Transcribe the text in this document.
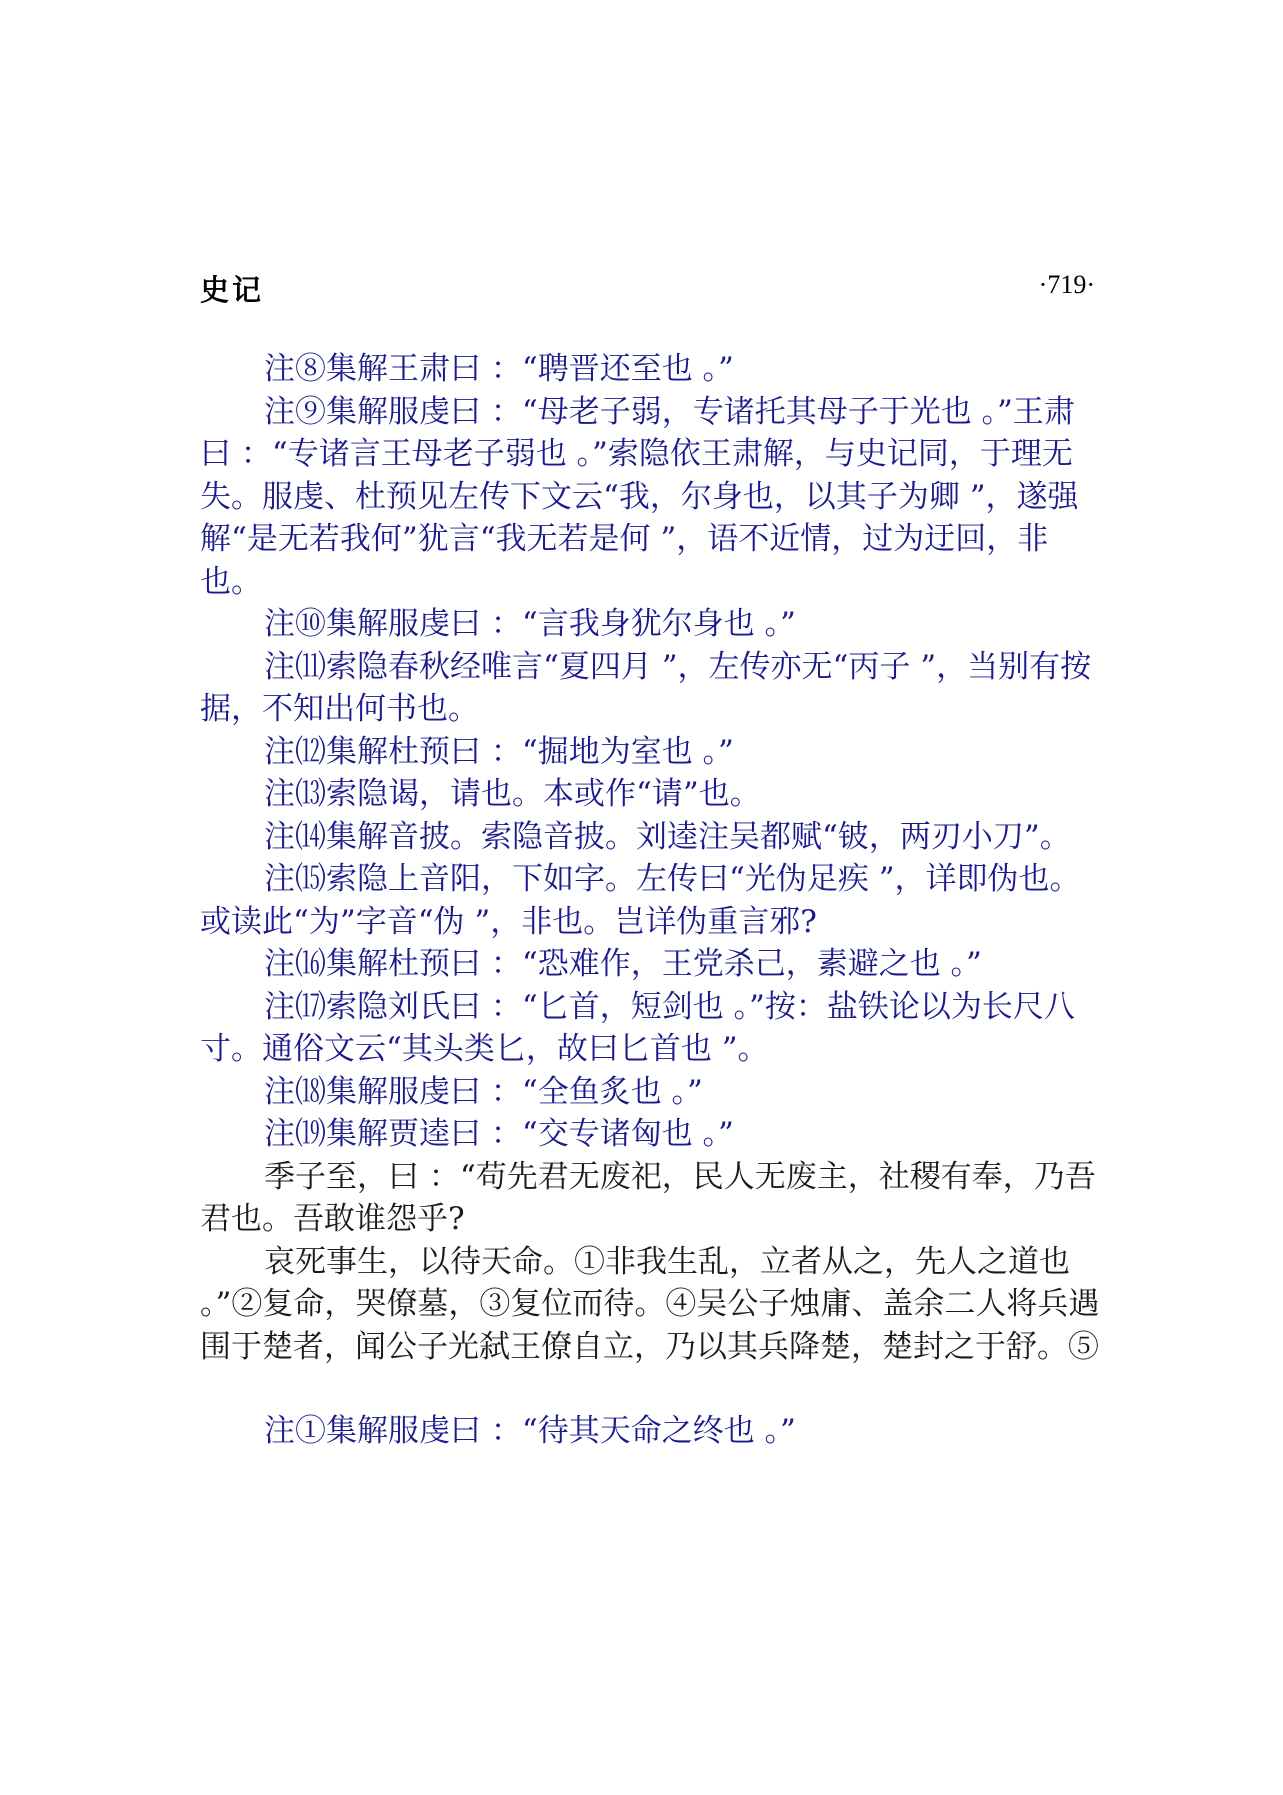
史记	·719·

注⑧集解王肃曰 ：“聘晋还至也 。”

注⑨集解服虔曰 ：“母老子弱，专诸托其母子于光也 。”王肃曰 ：“专诸言王母老子弱也 。”索隐依王肃解，与史记同，于理无失。服虔、杜预见左传下文云“我，尔身也，以其子为卿 ”，遂强解“是无若我何”犹言“我无若是何 ”，语不近情，过为迂回，非也。

注⑩集解服虔曰 ：“言我身犹尔身也 。”

注⑾索隐春秋经唯言“夏四月 ”，左传亦无“丙子 ”，当别有按据，不知出何书也。

注⑿集解杜预曰 ：“掘地为室也 。”

注⒀索隐谒，请也。本或作“请”也。

注⒁集解音披。索隐音披。刘逵注吴都赋“铍，两刃小刀”。

注⒂索隐上音阳，下如字。左传曰“光伪足疾 ”，详即伪也。或读此“为”字音“伪 ”，非也。岂详伪重言邪?

注⒃集解杜预曰 ：“恐难作，王党杀己，素避之也 。”

注⒄索隐刘氏曰 ：“匕首，短剑也 。”按：盐铁论以为长尺八寸。通俗文云“其头类匕，故曰匕首也 ”。

注⒅集解服虔曰 ：“全鱼炙也 。”

注⒆集解贾逵曰 ：“交专诸匈也 。”

季子至，曰 ：“苟先君无废祀，民人无废主，社稷有奉，乃吾君也。吾敢谁怨乎?

哀死事生，以待天命。①非我生乱，立者从之，先人之道也 。”②复命，哭僚墓，③复位而待。④吴公子烛庸、盖余二人将兵遇围于楚者，闻公子光弑王僚自立，乃以其兵降楚，楚封之于舒。⑤

注①集解服虔曰 ：“待其天命之终也 。”
